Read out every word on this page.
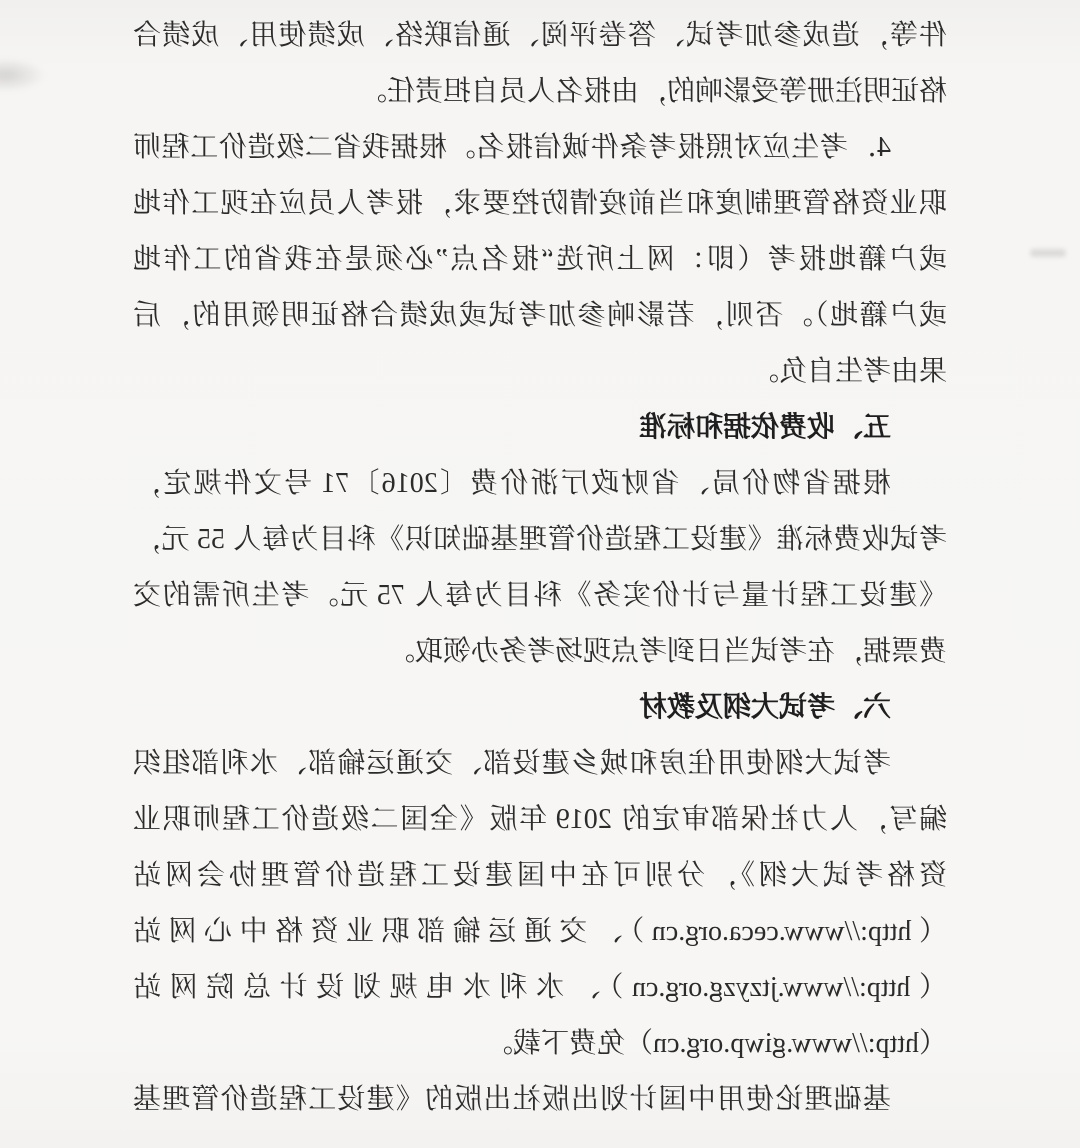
件等，造成参加考试、答卷评阅、通信联络、成绩使用、成绩合
格证明注册等受影响的，由报名人员自担责任。
4．考生应对照报考条件诚信报名。根据我省二级造价工程师
职业资格管理制度和当前疫情防控要求，报考人员应在现工作地
或户籍地报考（即：网上所选“报名点”必须是在我省的工作地
或户籍地）。否则，若影响参加考试或成绩合格证明领用的，后
果由考生自负。
五、收费依据和标准
根据省物价局、省财政厅浙价费〔2016〕71 号文件规定，
考试收费标准《建设工程造价管理基础知识》科目为每人 55 元，
《建设工程计量与计价实务》科目为每人 75 元。考生所需的交
费票据，在考试当日到考点现场考务办领取。
六、考试大纲及教材
考试大纲使用住房和城乡建设部、交通运输部、水利部组织
编写，人力社保部审定的 2019 年版《全国二级造价工程师职业
资格考试大纲》，分别可在中国建设工程造价管理协会网站
（http://www.ceca.org.cn）、交通运输部职业资格中心网站
（http://www.jtzyzg.org.cn）、水利水电规划设计总院网站
（http://www.giwp.org.cn）免费下载。
基础理论使用中国计划出版社出版的《建设工程造价管理基
